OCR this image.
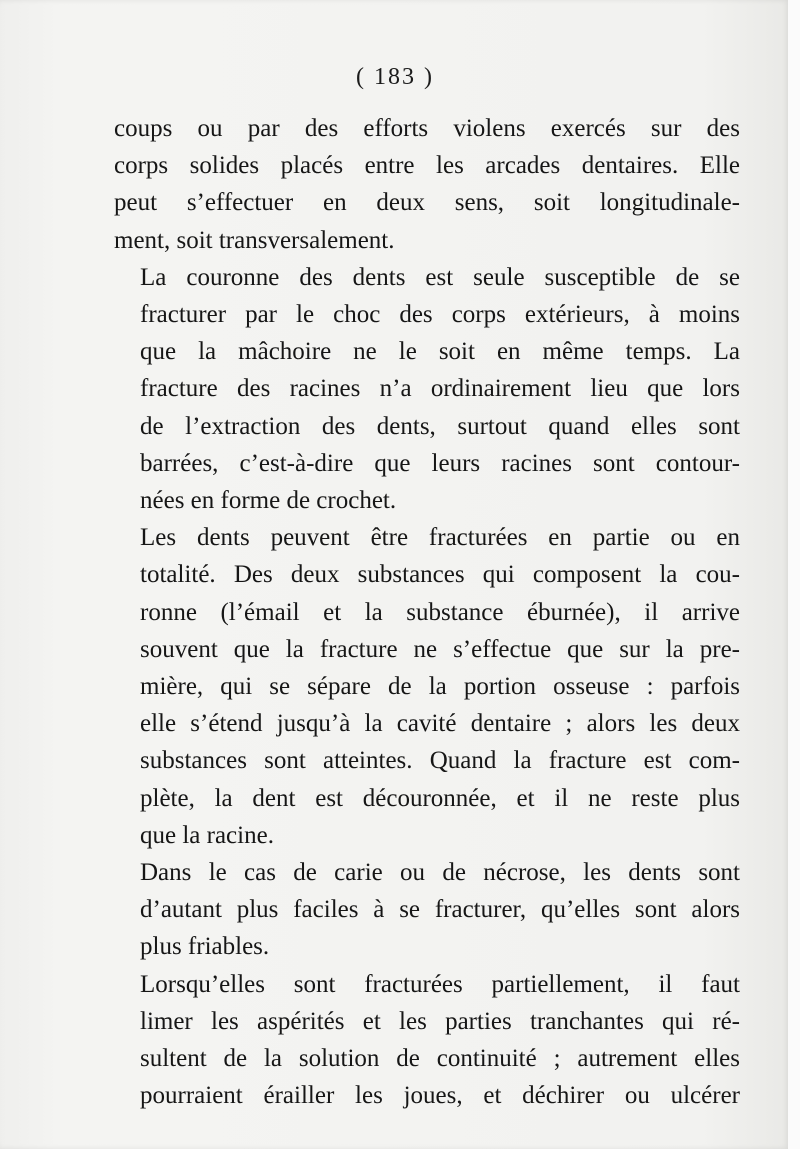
( 183 )

coups ou par des efforts violens exercés sur des
corps solides placés entre les arcades dentaires. Elle
peut s’effectuer en deux sens, soit longitudinale-
ment, soit transversalement.

La couronne des dents est seule susceptible de se
fracturer par le choc des corps extérieurs, à moins
que la mâchoire ne le soit en même temps. La
fracture des racines n’a ordinairement lieu que lors
de l’extraction des dents, surtout quand elles sont
barrées, c’est-à-dire que leurs racines sont contour-
nées en forme de crochet.

Les dents peuvent être fracturées en partie ou en
totalité. Des deux substances qui composent la cou-
ronne (l’émail et la substance éburnée), il arrive
souvent que la fracture ne s’effectue que sur la pre-
mière, qui se sépare de la portion osseuse : parfois
elle s’étend jusqu’à la cavité dentaire ; alors les deux
substances sont atteintes. Quand la fracture est com-
plète, la dent est découronnée, et il ne reste plus
que la racine.

Dans le cas de carie ou de nécrose, les dents sont
d’autant plus faciles à se fracturer, qu’elles sont alors
plus friables.

Lorsqu’elles sont fracturées partiellement, il faut
limer les aspérités et les parties tranchantes qui ré-
sultent de la solution de continuité ; autrement elles
pourraient érailler les joues, et déchirer ou ulcérer
